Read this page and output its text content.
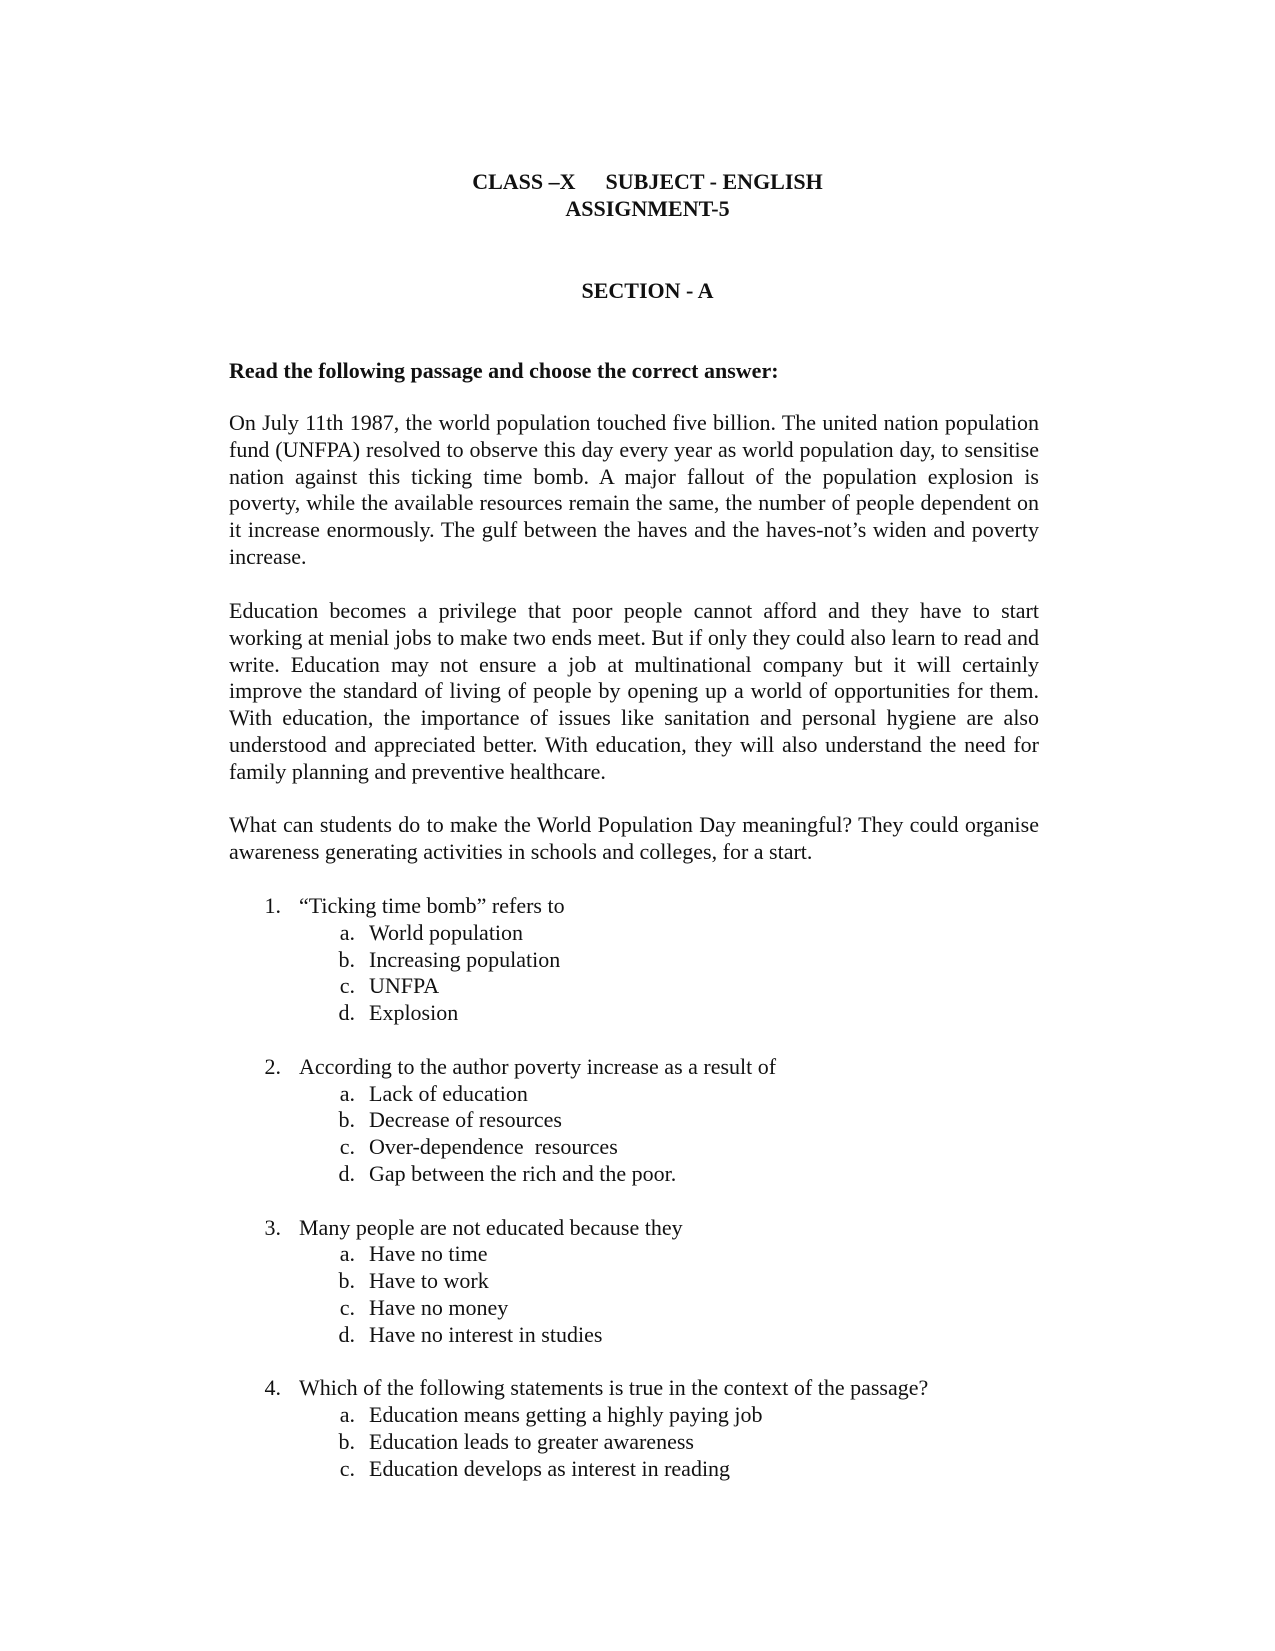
CLASS –X SUBJECT - ENGLISH
ASSIGNMENT-5
SECTION - A
Read the following passage and choose the correct answer:
On July 11th 1987, the world population touched five billion. The united nation population fund (UNFPA) resolved to observe this day every year as world population day, to sensitise nation against this ticking time bomb. A major fallout of the population explosion is poverty, while the available resources remain the same, the number of people dependent on it increase enormously. The gulf between the haves and the haves-not’s widen and poverty increase.
Education becomes a privilege that poor people cannot afford and they have to start working at menial jobs to make two ends meet. But if only they could also learn to read and write. Education may not ensure a job at multinational company but it will certainly improve the standard of living of people by opening up a world of opportunities for them. With education, the importance of issues like sanitation and personal hygiene are also understood and appreciated better. With education, they will also understand the need for family planning and preventive healthcare.
What can students do to make the World Population Day meaningful? They could organise awareness generating activities in schools and colleges, for a start.
1. “Ticking time bomb” refers to
a. World population
b. Increasing population
c. UNFPA
d. Explosion
2. According to the author poverty increase as a result of
a. Lack of education
b. Decrease of resources
c. Over-dependence  resources
d. Gap between the rich and the poor.
3. Many people are not educated because they
a. Have no time
b. Have to work
c. Have no money
d. Have no interest in studies
4. Which of the following statements is true in the context of the passage?
a. Education means getting a highly paying job
b. Education leads to greater awareness
c. Education develops as interest in reading
